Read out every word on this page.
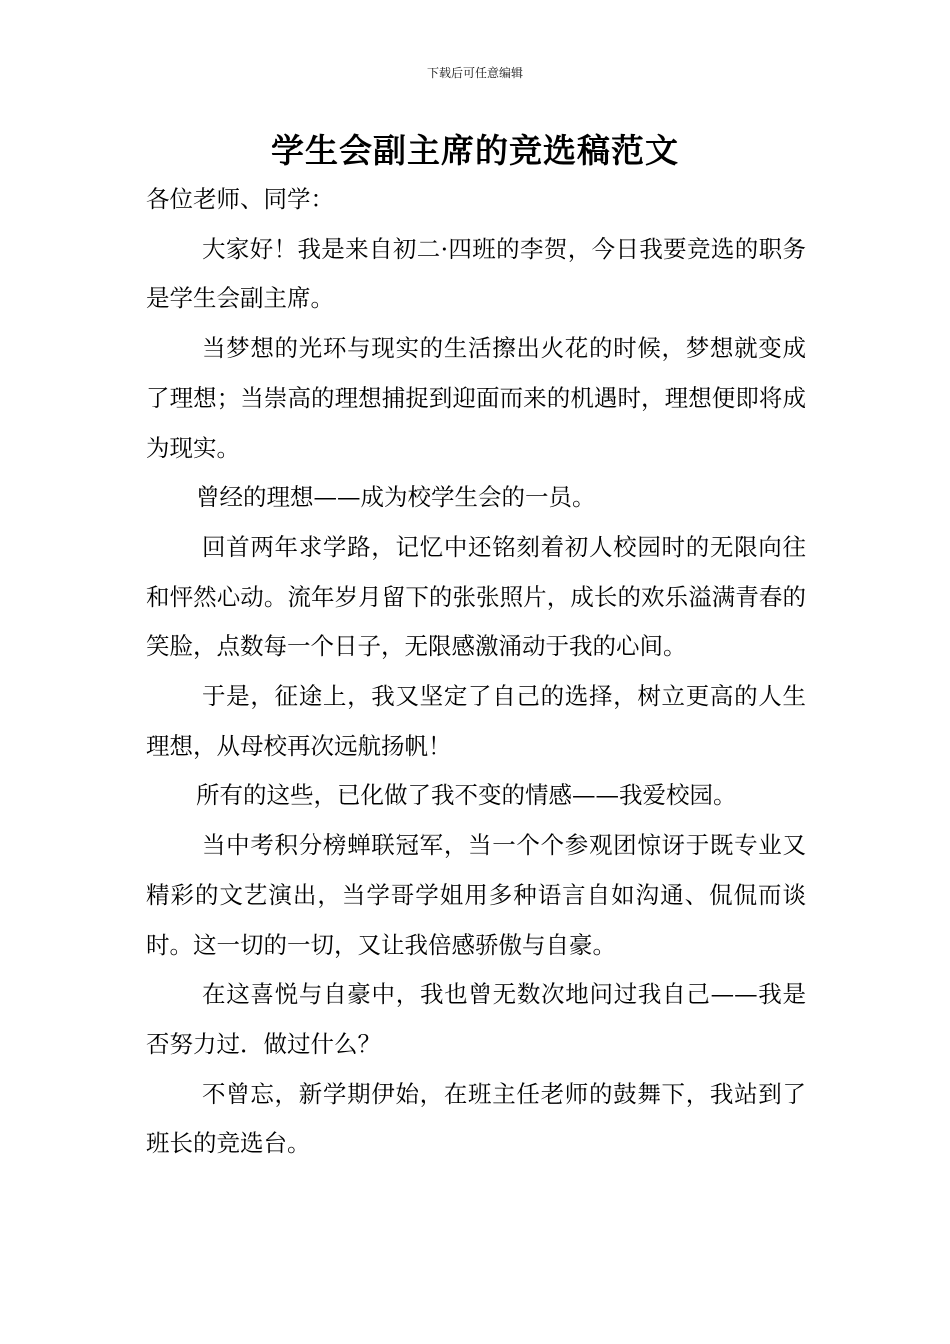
下载后可任意编辑
学生会副主席的竞选稿范文

各位老师、同学：

大家好！我是来自初二·四班的李贺，今日我要竞选的职务是学生会副主席。

当梦想的光环与现实的生活擦出火花的时候，梦想就变成了理想；当崇高的理想捕捉到迎面而来的机遇时，理想便即将成为现实。

曾经的理想——成为校学生会的一员。

回首两年求学路，记忆中还铭刻着初人校园时的无限向往和怦然心动。流年岁月留下的张张照片，成长的欢乐溢满青春的笑脸，点数每一个日子，无限感激涌动于我的心间。

于是，征途上，我又坚定了自己的选择，树立更高的人生理想，从母校再次远航扬帆！

所有的这些，已化做了我不变的情感——我爱校园。

当中考积分榜蝉联冠军，当一个个参观团惊讶于既专业又精彩的文艺演出，当学哥学姐用多种语言自如沟通、侃侃而谈时。这一切的一切，又让我倍感骄傲与自豪。

在这喜悦与自豪中，我也曾无数次地问过我自己——我是否努力过．做过什么？

不曾忘，新学期伊始，在班主任老师的鼓舞下，我站到了班长的竞选台。
